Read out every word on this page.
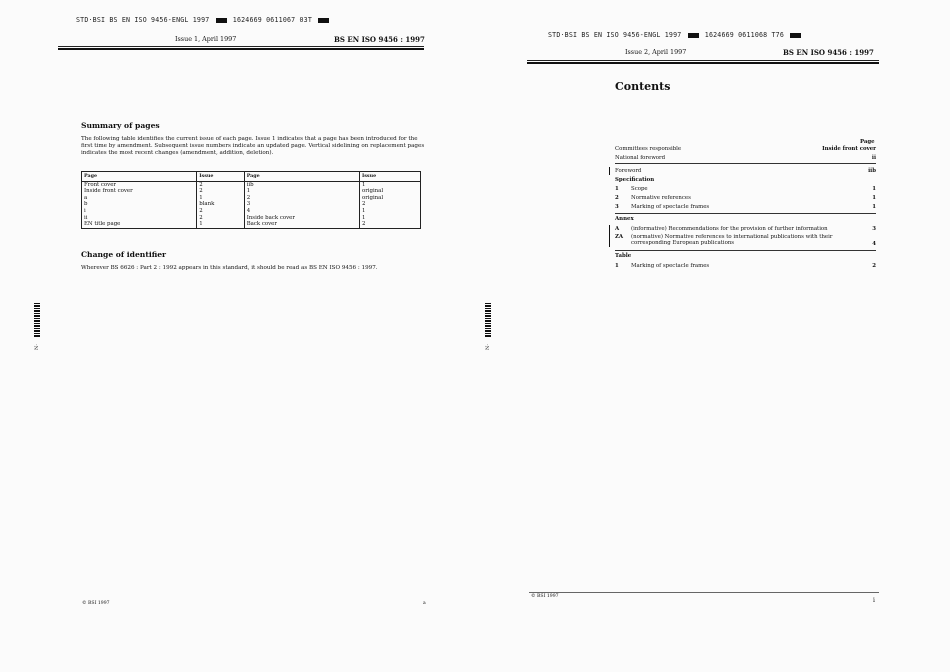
STD·BSI BS EN ISO 9456-ENGL 1997	1624669 0611067 03T
Issue 1, April 1997	BS EN ISO 9456 : 1997
Summary of pages
The following table identifies the current issue of each page. Issue 1 indicates that a page has been introduced for the first time by amendment. Subsequent issue numbers indicate an updated page. Vertical sidelining on replacement pages indicates the most recent changes (amendment, addition, deletion).
Page	Issue	Page	Issue
Front cover	2	iib	1
Inside front cover	2	1	original
a	1	2	original
b	blank	3	2
i	2	4	1
ii	2	Inside back cover	1
EN title page	1	Back cover	2
Change of identifier
Wherever BS 6626 : Part 2 : 1992 appears in this standard, it should be read as BS EN ISO 9456 : 1997.
N·
© BSI 1997	a
STD·BSI BS EN ISO 9456-ENGL 1997	1624669 0611068 T76
Issue 2, April 1997	BS EN ISO 9456 : 1997
Contents
Page
Committees responsible	Inside front cover
National foreword	ii
Foreword	iib
Specification
1 Scope	1
2 Normative references	1
3 Marking of spectacle frames	1
Annex
A (informative) Recommendations for the provision of further information	3
ZA (normative) Normative references to international publications with their corresponding European publications	4
Table
1 Marking of spectacle frames	2
N·
© BSI 1997
i
